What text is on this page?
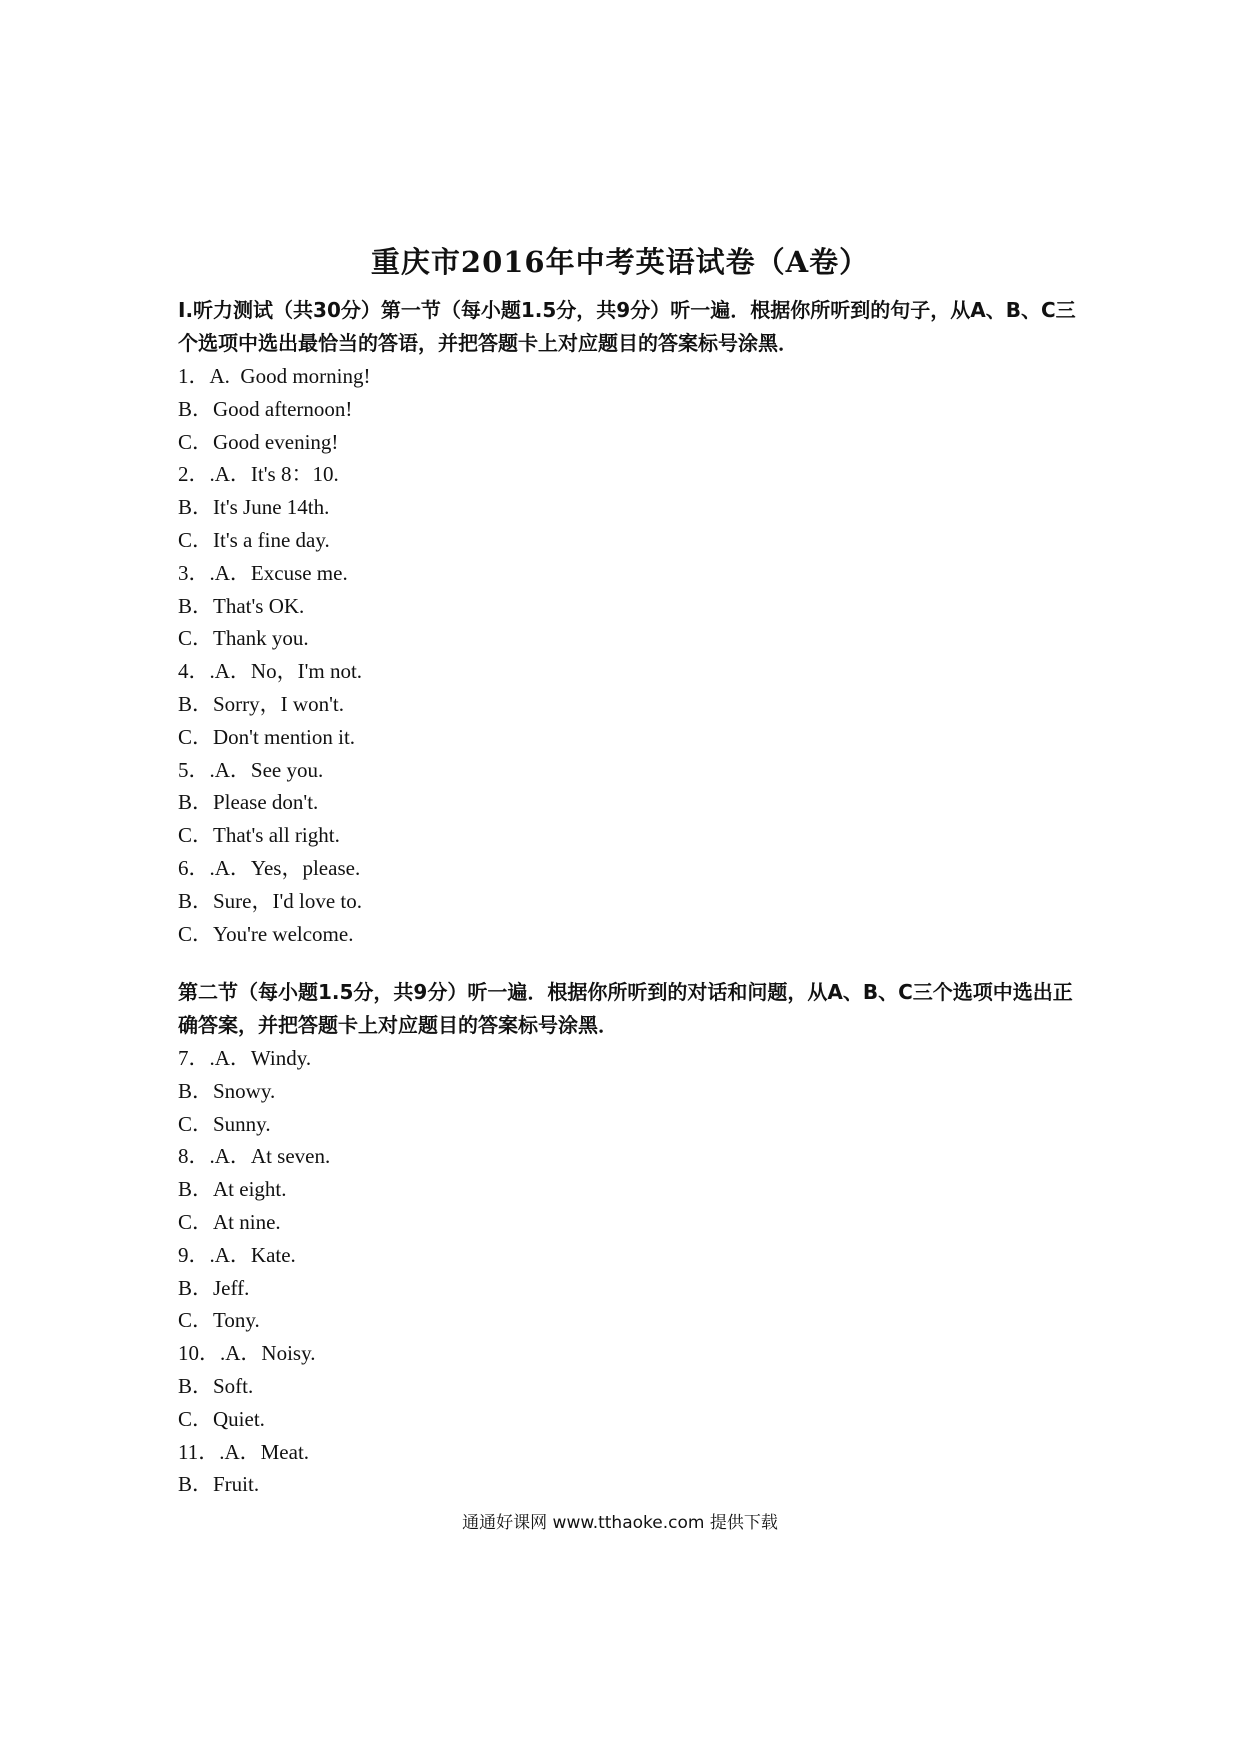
重庆市2016年中考英语试卷（A卷）
I.听力测试（共30分）第一节（每小题1.5分，共9分）听一遍．根据你所听到的句子，从A、B、C三个选项中选出最恰当的答语，并把答题卡上对应题目的答案标号涂黑．
1．A.  Good morning!
B．Good afternoon!
C．Good evening!
2．.A．It's 8：10.
B．It's June 14th.
C．It's a fine day.
3．.A．Excuse me.
B．That's OK.
C．Thank you.
4．.A．No，I'm not.
B．Sorry，I won't.
C．Don't mention it.
5．.A．See you.
B．Please don't.
C．That's all right.
6．.A．Yes，please.
B．Sure，I'd love to.
C．You're welcome.
第二节（每小题1.5分，共9分）听一遍．根据你所听到的对话和问题，从A、B、C三个选项中选出正确答案，并把答题卡上对应题目的答案标号涂黑．
7．.A．Windy.
B．Snowy.
C．Sunny.
8．.A．At seven.
B．At eight.
C．At nine.
9．.A．Kate.
B．Jeff.
C．Tony.
10．.A．Noisy.
B．Soft.
C．Quiet.
11．.A．Meat.
B．Fruit.
通通好课网 www.tthaoke.com 提供下载
